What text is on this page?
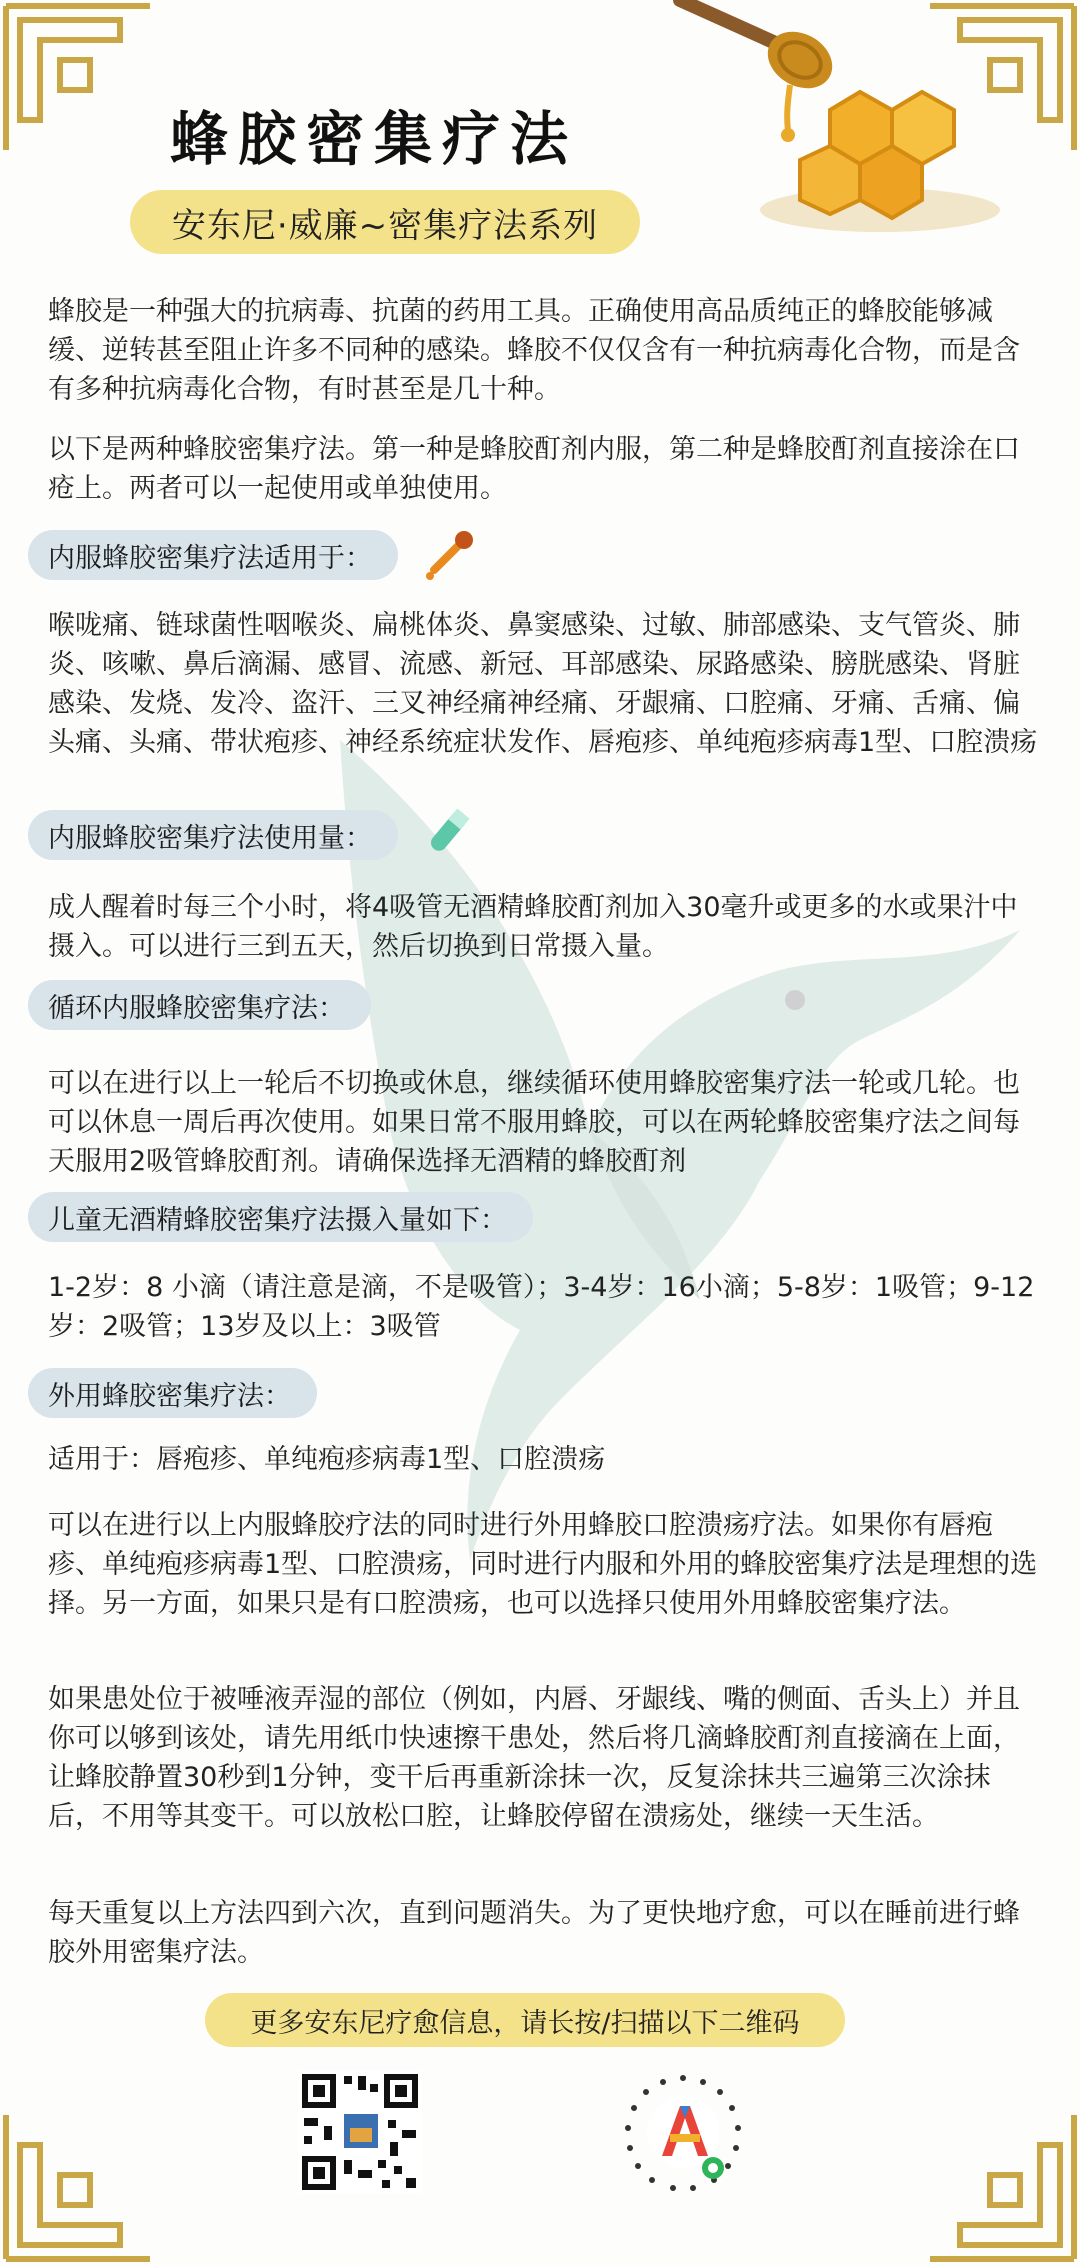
蜂胶密集疗法
安东尼·威廉~密集疗法系列
蜂胶是一种强大的抗病毒、抗菌的药用工具。正确使用高品质纯正的蜂胶能够减缓、逆转甚至阻止许多不同种的感染。蜂胶不仅仅含有一种抗病毒化合物，而是含有多种抗病毒化合物，有时甚至是几十种。
以下是两种蜂胶密集疗法。第一种是蜂胶酊剂内服，第二种是蜂胶酊剂直接涂在口疮上。两者可以一起使用或单独使用。
内服蜂胶密集疗法适用于：
喉咙痛、链球菌性咽喉炎、扁桃体炎、鼻窦感染、过敏、肺部感染、支气管炎、肺炎、咳嗽、鼻后滴漏、感冒、流感、新冠、耳部感染、尿路感染、膀胱感染、肾脏感染、发烧、发冷、盗汗、三叉神经痛神经痛、牙龈痛、口腔痛、牙痛、舌痛、偏头痛、头痛、带状疱疹、神经系统症状发作、唇疱疹、单纯疱疹病毒1型、口腔溃疡
内服蜂胶密集疗法使用量：
成人醒着时每三个小时，将4吸管无酒精蜂胶酊剂加入30毫升或更多的水或果汁中摄入。可以进行三到五天，然后切换到日常摄入量。
循环内服蜂胶密集疗法：
可以在进行以上一轮后不切换或休息，继续循环使用蜂胶密集疗法一轮或几轮。也可以休息一周后再次使用。如果日常不服用蜂胶，可以在两轮蜂胶密集疗法之间每天服用2吸管蜂胶酊剂。请确保选择无酒精的蜂胶酊剂
儿童无酒精蜂胶密集疗法摄入量如下：
1-2岁：8 小滴（请注意是滴，不是吸管）；3-4岁：16小滴；5-8岁：1吸管；9-12岁：2吸管；13岁及以上：3吸管
外用蜂胶密集疗法：
适用于：唇疱疹、单纯疱疹病毒1型、口腔溃疡
可以在进行以上内服蜂胶疗法的同时进行外用蜂胶口腔溃疡疗法。如果你有唇疱疹、单纯疱疹病毒1型、口腔溃疡，同时进行内服和外用的蜂胶密集疗法是理想的选择。另一方面，如果只是有口腔溃疡，也可以选择只使用外用蜂胶密集疗法。
如果患处位于被唾液弄湿的部位（例如，内唇、牙龈线、嘴的侧面、舌头上）并且你可以够到该处，请先用纸巾快速擦干患处，然后将几滴蜂胶酊剂直接滴在上面，让蜂胶静置30秒到1分钟，变干后再重新涂抹一次，反复涂抹共三遍第三次涂抹后，不用等其变干。可以放松口腔，让蜂胶停留在溃疡处，继续一天生活。
每天重复以上方法四到六次，直到问题消失。为了更快地疗愈，可以在睡前进行蜂胶外用密集疗法。
更多安东尼疗愈信息，请长按/扫描以下二维码
